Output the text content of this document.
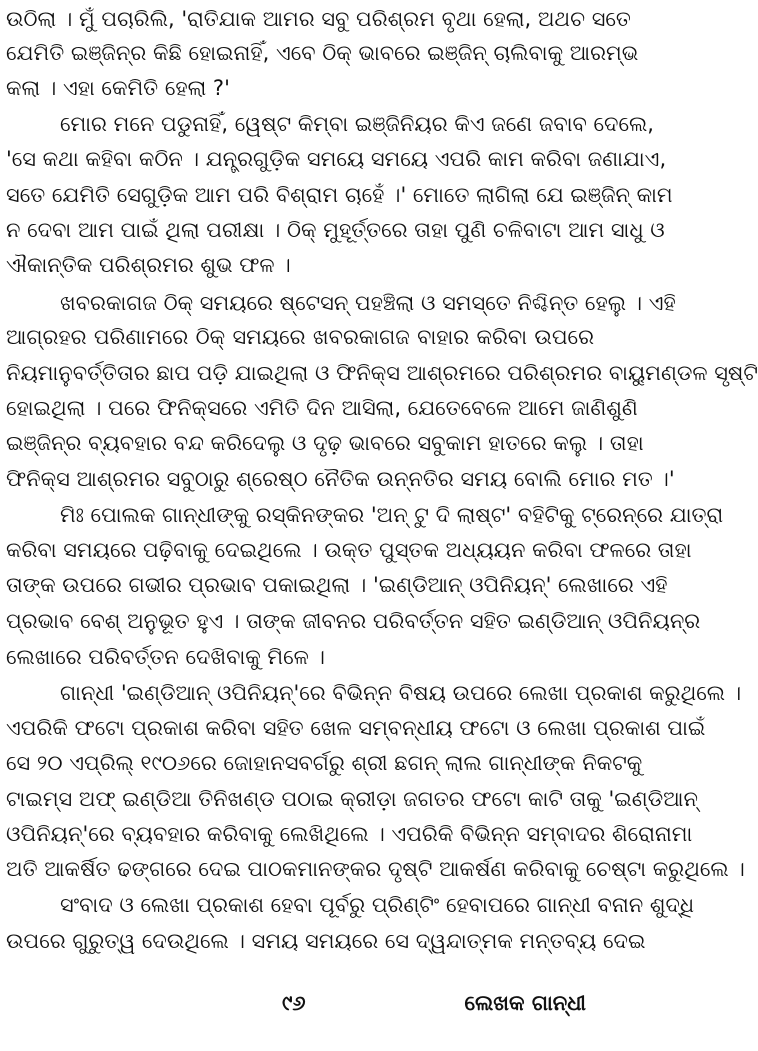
ଉଠିଲା । ମୁଁ ପଚାରିଲି, 'ରାତିଯାକ ଆମର ସବୁ ପରିଶ୍ରମ ବୃଥା ହେଲା, ଅଥଚ ସତେ
ଯେମିତି ଇଞ୍ଜିନ୍‌ର କିଛି ହୋଇନାହିଁ, ଏବେ ଠିକ୍ ଭାବରେ ଇଞ୍ଜିନ୍ ଚାଲିବାକୁ ଆରମ୍ଭ
କଲା । ଏହା କେମିତି ହେଲା ?'
ମୋର ମନେ ପଡୁନାହିଁ, ୱେଷ୍ଟ କିମ୍ବା ଇଞ୍ଜିନିୟର କିଏ ଜଣେ ଜବାବ ଦେଲେ,
'ସେ କଥା କହିବା କଠିନ । ଯନ୍ତ୍ରଗୁଡ଼ିକ ସମୟେ ସମୟେ ଏପରି କାମ କରିବା ଜଣାଯାଏ,
ସତେ ଯେମିତି ସେଗୁଡ଼ିକ ଆମ ପରି ବିଶ୍ରାମ ଚାହେଁ ।' ମୋତେ ଲାଗିଲା ଯେ ଇଞ୍ଜିନ୍ କାମ
ନ ଦେବା ଆମ ପାଇଁ ଥିଲା ପରୀକ୍ଷା । ଠିକ୍ ମୁହୂର୍ତ୍ତରେ ତାହା ପୁଣି ଚଳିବାଟା ଆମ ସାଧୁ ଓ
ଐକାନ୍ତିକ ପରିଶ୍ରମର ଶୁଭ ଫଳ ।
ଖବରକାଗଜ ଠିକ୍ ସମୟରେ ଷ୍ଟେସନ୍ ପହଞ୍ଚିଲା ଓ ସମସ୍ତେ ନିଶ୍ଚିନ୍ତ ହେଲୁ । ଏହି
ଆଗ୍ରହର ପରିଣାମରେ ଠିକ୍ ସମୟରେ ଖବରକାଗଜ ବାହାର କରିବା ଉପରେ
ନିୟମାନୁବର୍ତ୍ତିତାର ଛାପ ପଡ଼ି ଯାଇଥିଲା ଓ ଫିନିକ୍ସ ଆଶ୍ରମରେ ପରିଶ୍ରମର ବାୟୁମଣ୍ଡଳ ସୃଷ୍ଟି
ହୋଇଥିଲା । ପରେ ଫିନିକ୍ସରେ ଏମିତି ଦିନ ଆସିଲା, ଯେତେବେଳେ ଆମେ ଜାଣିଶୁଣି
ଇଞ୍ଜିନ୍‌ର ବ୍ୟବହାର ବନ୍ଦ କରିଦେଲୁ ଓ ଦୃଢ଼ ଭାବରେ ସବୁକାମ ହାତରେ କଲୁ । ତାହା
ଫିନିକ୍ସ ଆଶ୍ରମର ସବୁଠାରୁ ଶ୍ରେଷ୍ଠ ନୈତିକ ଉନ୍ନତିର ସମୟ ବୋଲି ମୋର ମତ ।'
ମିଃ ପୋଲକ ଗାନ୍ଧୀଙ୍କୁ ରସ୍କିନଙ୍କର 'ଅନ୍ ଟୁ ଦି ଲାଷ୍ଟ' ବହିଟିକୁ ଟ୍ରେନ୍‌ରେ ଯାତ୍ରା
କରିବା ସମୟରେ ପଢ଼ିବାକୁ ଦେଇଥିଲେ । ଉକ୍ତ ପୁସ୍ତକ ଅଧ୍ୟୟନ କରିବା ଫଳରେ ତାହା
ତାଙ୍କ ଉପରେ ଗଭୀର ପ୍ରଭାବ ପକାଇଥିଲା । 'ଇଣ୍ଡିଆନ୍ ଓପିନିୟନ୍' ଲେଖାରେ ଏହି
ପ୍ରଭାବ ବେଶ୍ ଅନୁଭୂତ ହୁଏ । ତାଙ୍କ ଜୀବନର ପରିବର୍ତ୍ତନ ସହିତ ଇଣ୍ଡିଆନ୍ ଓପିନିୟନ୍‌ର
ଲେଖାରେ ପରିବର୍ତ୍ତନ ଦେଖିବାକୁ ମିଳେ ।
ଗାନ୍ଧୀ 'ଇଣ୍ଡିଆନ୍ ଓପିନିୟନ୍'ରେ ବିଭିନ୍ନ ବିଷୟ ଉପରେ ଲେଖା ପ୍ରକାଶ କରୁଥିଲେ ।
ଏପରିକି ଫଟୋ ପ୍ରକାଶ କରିବା ସହିତ ଖେଳ ସମ୍ବନ୍ଧୀୟ ଫଟୋ ଓ ଲେଖା ପ୍ରକାଶ ପାଇଁ
ସେ ୨୦ ଏପ୍ରିଲ୍ ୧୯୦୬ରେ ଜୋହାନସବର୍ଗରୁ ଶ୍ରୀ ଛଗନ୍ ଲାଲ ଗାନ୍ଧୀଙ୍କ ନିକଟକୁ
ଟାଇମ୍ସ ଅଫ୍ ଇଣ୍ଡିଆ ତିନିଖଣ୍ଡ ପଠାଇ କ୍ରୀଡ଼ା ଜଗତର ଫଟୋ କାଟି ତାକୁ 'ଇଣ୍ଡିଆନ୍
ଓପିନିୟନ୍'ରେ ବ୍ୟବହାର କରିବାକୁ ଲେଖିଥିଲେ । ଏପରିକି ବିଭିନ୍ନ ସମ୍ବାଦର ଶିରୋନାମା
ଅତି ଆକର୍ଷିତ ଢଙ୍ଗରେ ଦେଇ ପାଠକମାନଙ୍କର ଦୃଷ୍ଟି ଆକର୍ଷଣ କରିବାକୁ ଚେଷ୍ଟା କରୁଥିଲେ ।
ସଂବାଦ ଓ ଲେଖା ପ୍ରକାଶ ହେବା ପୂର୍ବରୁ ପ୍ରିଣ୍ଟିଂ ହେବାପରେ ଗାନ୍ଧୀ ବନାନ ଶୁଦ୍ଧି
ଉପରେ ଗୁରୁତ୍ୱ ଦେଉଥିଲେ । ସମୟ ସମୟରେ ସେ ଦ୍ୱନ୍ଦାତ୍ମକ ମନ୍ତବ୍ୟ ଦେଇ
୯୬	ଲେଖକ ଗାନ୍ଧୀ
